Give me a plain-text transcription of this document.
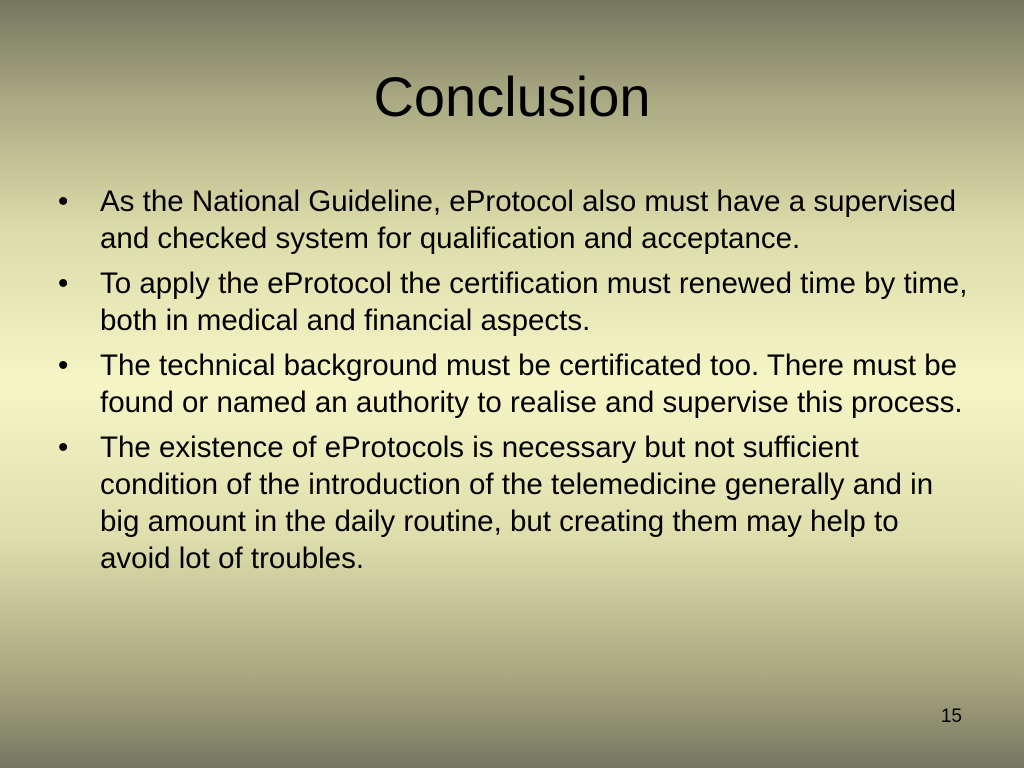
Conclusion
•	As the National Guideline, eProtocol also must have a supervised and checked system for qualification and acceptance.
•	To apply the eProtocol the certification must renewed time by time, both in medical and financial aspects.
•	The technical background must be certificated too. There must be found or named an authority to realise and supervise this process.
•	The existence of eProtocols is necessary but not sufficient condition of the introduction of the telemedicine generally and in big amount in the daily routine, but creating them may help to avoid lot of troubles.
15
